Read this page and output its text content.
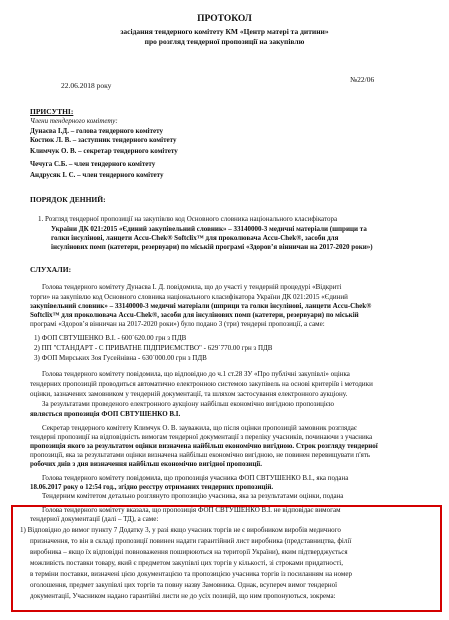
ПРОТОКОЛ
засідання тендерного комітету КМ «Центр матері та дитини»
про розгляд тендерної пропозиції на закупівлю
22.06.2018 року
№22/06
ПРИСУТНІ:
Члени тендерного комітету:
Дунаєва І.Д. – голова тендерного комітету
Костюк Л. В. – заступник тендерного комітету
Климчук О. В. – секретар тендерного комітету
Чечуга С.Б. – член тендерного комітету
Андрусяк І. С. – член тендерного комітету
ПОРЯДОК ДЕННИЙ:
1. Розгляд тендерної пропозиції на закупівлю код Основного словника національного класифікатора
України ДК 021:2015 «Єдиний закупівельний словник» – 33140000-3 медичні матеріали (шприци та
голки інсулінові, ланцети Accu-Chek® Softclix™ для проколювача Accu-Chek®, засоби для
інсулінових помп (катетери, резервуари) по міській програмі «Здоров’я вінничан на 2017-2020 роки»)
СЛУХАЛИ:
Голова тендерного комітету Дунаєва І. Д. повідомила, що до участі у тендерній процедурі «Відкриті
торги» на закупівлю код Основного словника національного класифікатора України ДК 021:2015 «Єдиний
закупівельний словник» – 33140000-3 медичні матеріали (шприци та голки інсулінові, ланцети Accu-Chek®
Softclix™ для проколювача Accu-Chek®, засоби для інсулінових помп (катетери, резервуари) по міській
програмі «Здоров’я вінничан на 2017-2020 роки») було подано 3 (три) тендерні пропозиції, а саме:
1) ФОП СВТУШЕНКО В.І. - 600`620.00 грн з ПДВ
2) ПП "СТАНДАРТ - С ПРИВАТНЕ ПІДПРИЄМСТВО" - 629`770.00 грн з ПДВ
3) ФОП Мирських Зоя Гусейнівна - 630`000.00 грн з ПДВ
Голова тендерного комітету повідомила, що відповідно до ч.1 ст.28 ЗУ «Про публічні закупівлі» оцінка
тендерних пропозицій проводиться автоматично електронною системою закупівель на основі критеріїв і методики
оцінки, зазначених замовником у тендерній документації, та шляхом застосування електронного аукціону.
За результатами проведеного електронного аукціону найбільш економічно вигідною пропозицією
являється пропозиція ФОП СВТУШЕНКО В.І.
Секретар тендерного комітету Климчук О. В. зауважила, що після оцінки пропозицій замовник розглядає
тендерні пропозиції на відповідність вимогам тендерної документації з переліку учасників, починаючи з учасника
пропозиція якого за результатом оцінки визначена найбільш економічно вигідною. Строк розгляду тендерної
пропозиції, яка за результатами оцінки визначена найбільш економічно вигідною, не повинен перевищувати п'ять
робочих днів з дня визначення найбільш економічно вигідної пропозиції.
Голова тендерного комітету повідомила, що пропозиція учасника ФОП СВТУШЕНКО В.І., яка подана
18.06.2017 року о 12:54 год., згідно реєстру отриманих тендерних пропозицій.
Тендерним комітетом детально розглянуто пропозицію учасника, яка за результатами оцінки, подана
Голова тендерного комітету вказала, що пропозиція ФОП СВТУШЕНКО В.І. не відповідає вимогам
тендерної документації (далі – ТД), а саме:
1) Відповідно до вимог пункту 7 Додатку 3, у разі якщо учасник торгів не є виробником виробів медичного
призначення, то він в складі пропозиції повинен надати гарантійний лист виробника (представництва, філії
виробника – якщо їх відповідні повноваження поширюються на території України), яким підтверджується
можливість поставки товару, який є предметом закупівлі цих торгів у кількості, зі строками придатності,
в терміни поставки, визначені цією документацією та пропозицією учасника торгів із посиланням на номер
оголошення, предмет закупівлі цих торгів та повну назву Замовника. Однак, всупереч вимог тендерної
документації, Учасником надано гарантійні листи не до усіх позицій, що ним пропонуються, зокрема:
